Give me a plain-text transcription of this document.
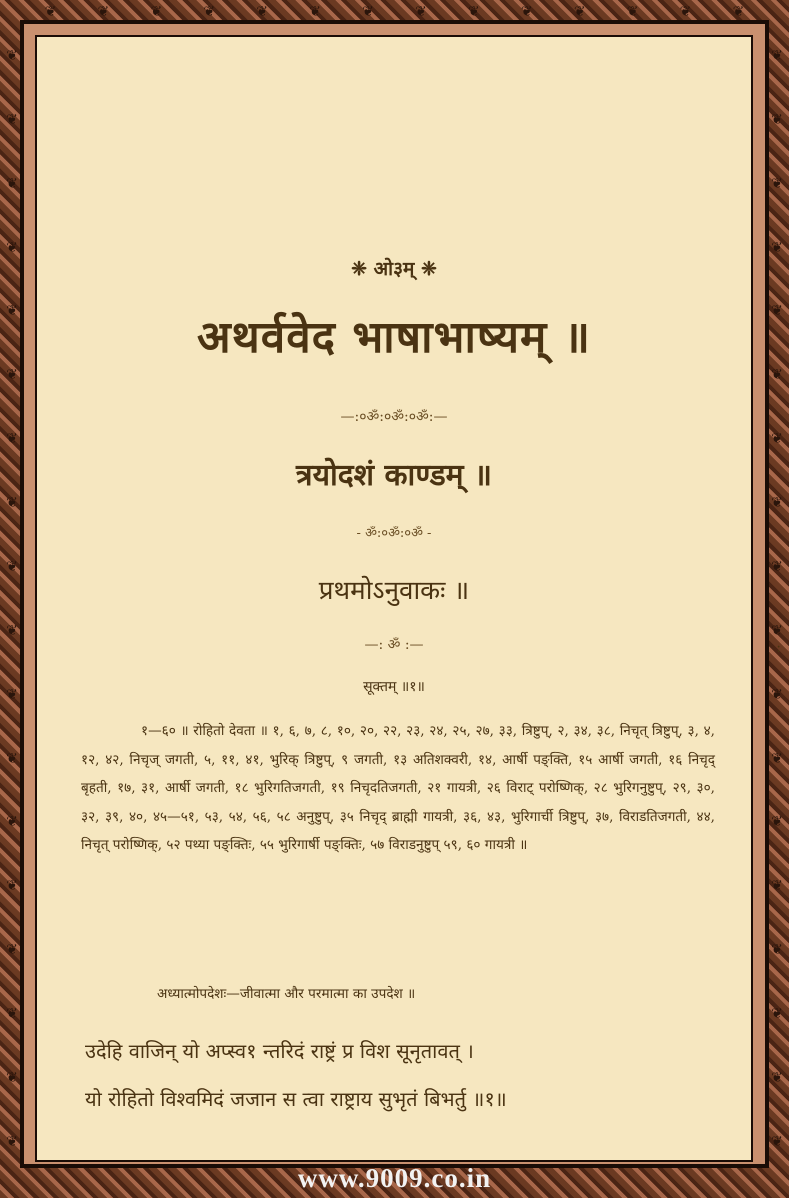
❦	❦	❦	❦	❦	❦	❦	❦	❦	❦	❦	❦	❦	❦
❦
❦
❦
❦
❦
❦
❦
❦
❦
❦
❦
❦
❦
❦
❦
❦
❦
❦
❦
❦
❦
❦
❦
❦
❦
❦
❦
❦
❦
❦
❦
❦
❦
❦
❦
❦
❈ ओ३म् ❈
अथर्ववेद भाषाभाष्यम् ॥
—:०ॐ:०ॐ:०ॐ:—
त्रयोदशं काण्डम् ॥
- ॐ:०ॐ:०ॐ -
प्रथमोऽनुवाकः ॥
—: ॐ :—
सूक्तम् ॥१॥

१—६० ॥ रोहितो देवता ॥ १, ६, ७, ८, १०, २०, २२, २३, २४, २५, २७, ३३, त्रिष्टुप्, २, ३४, ३८, निचृत् त्रिष्टुप्, ३, ४, १२, ४२, निचृज् जगती, ५, ११, ४१, भुरिक् त्रिष्टुप्, ९ जगती, १३ अतिशक्वरी, १४, आर्षी पङ्क्ति, १५ आर्षी जगती, १६ निचृद् बृहती, १७, ३१, आर्षी जगती, १८ भुरिगतिजगती, १९ निचृदतिजगती, २१ गायत्री, २६ विराट् परोष्णिक्, २८ भुरिगनुष्टुप्, २९, ३०, ३२, ३९, ४०, ४५—५१, ५३, ५४, ५६, ५८ अनुष्टुप्, ३५ निचृद् ब्राह्मी गायत्री, ३६, ४३, भुरिगार्ची त्रिष्टुप्, ३७, विराडतिजगती, ४४, निचृत् परोष्णिक्, ५२ पथ्या पङ्क्तिः, ५५ भुरिगार्षी पङ्क्तिः, ५७ विराडनुष्टुप् ५९, ६० गायत्री ॥

अध्यात्मोपदेशः—जीवात्मा और परमात्मा का उपदेश ॥
उदेहि वाजिन् यो अप्स्व१ न्तरिदं राष्ट्रं प्र विश सूनृतावत् ।
यो रोहितो विश्वमिदं जजान स त्वा राष्ट्राय सुभृतं बिभर्तु ॥१॥
:
www.9009.co.in
